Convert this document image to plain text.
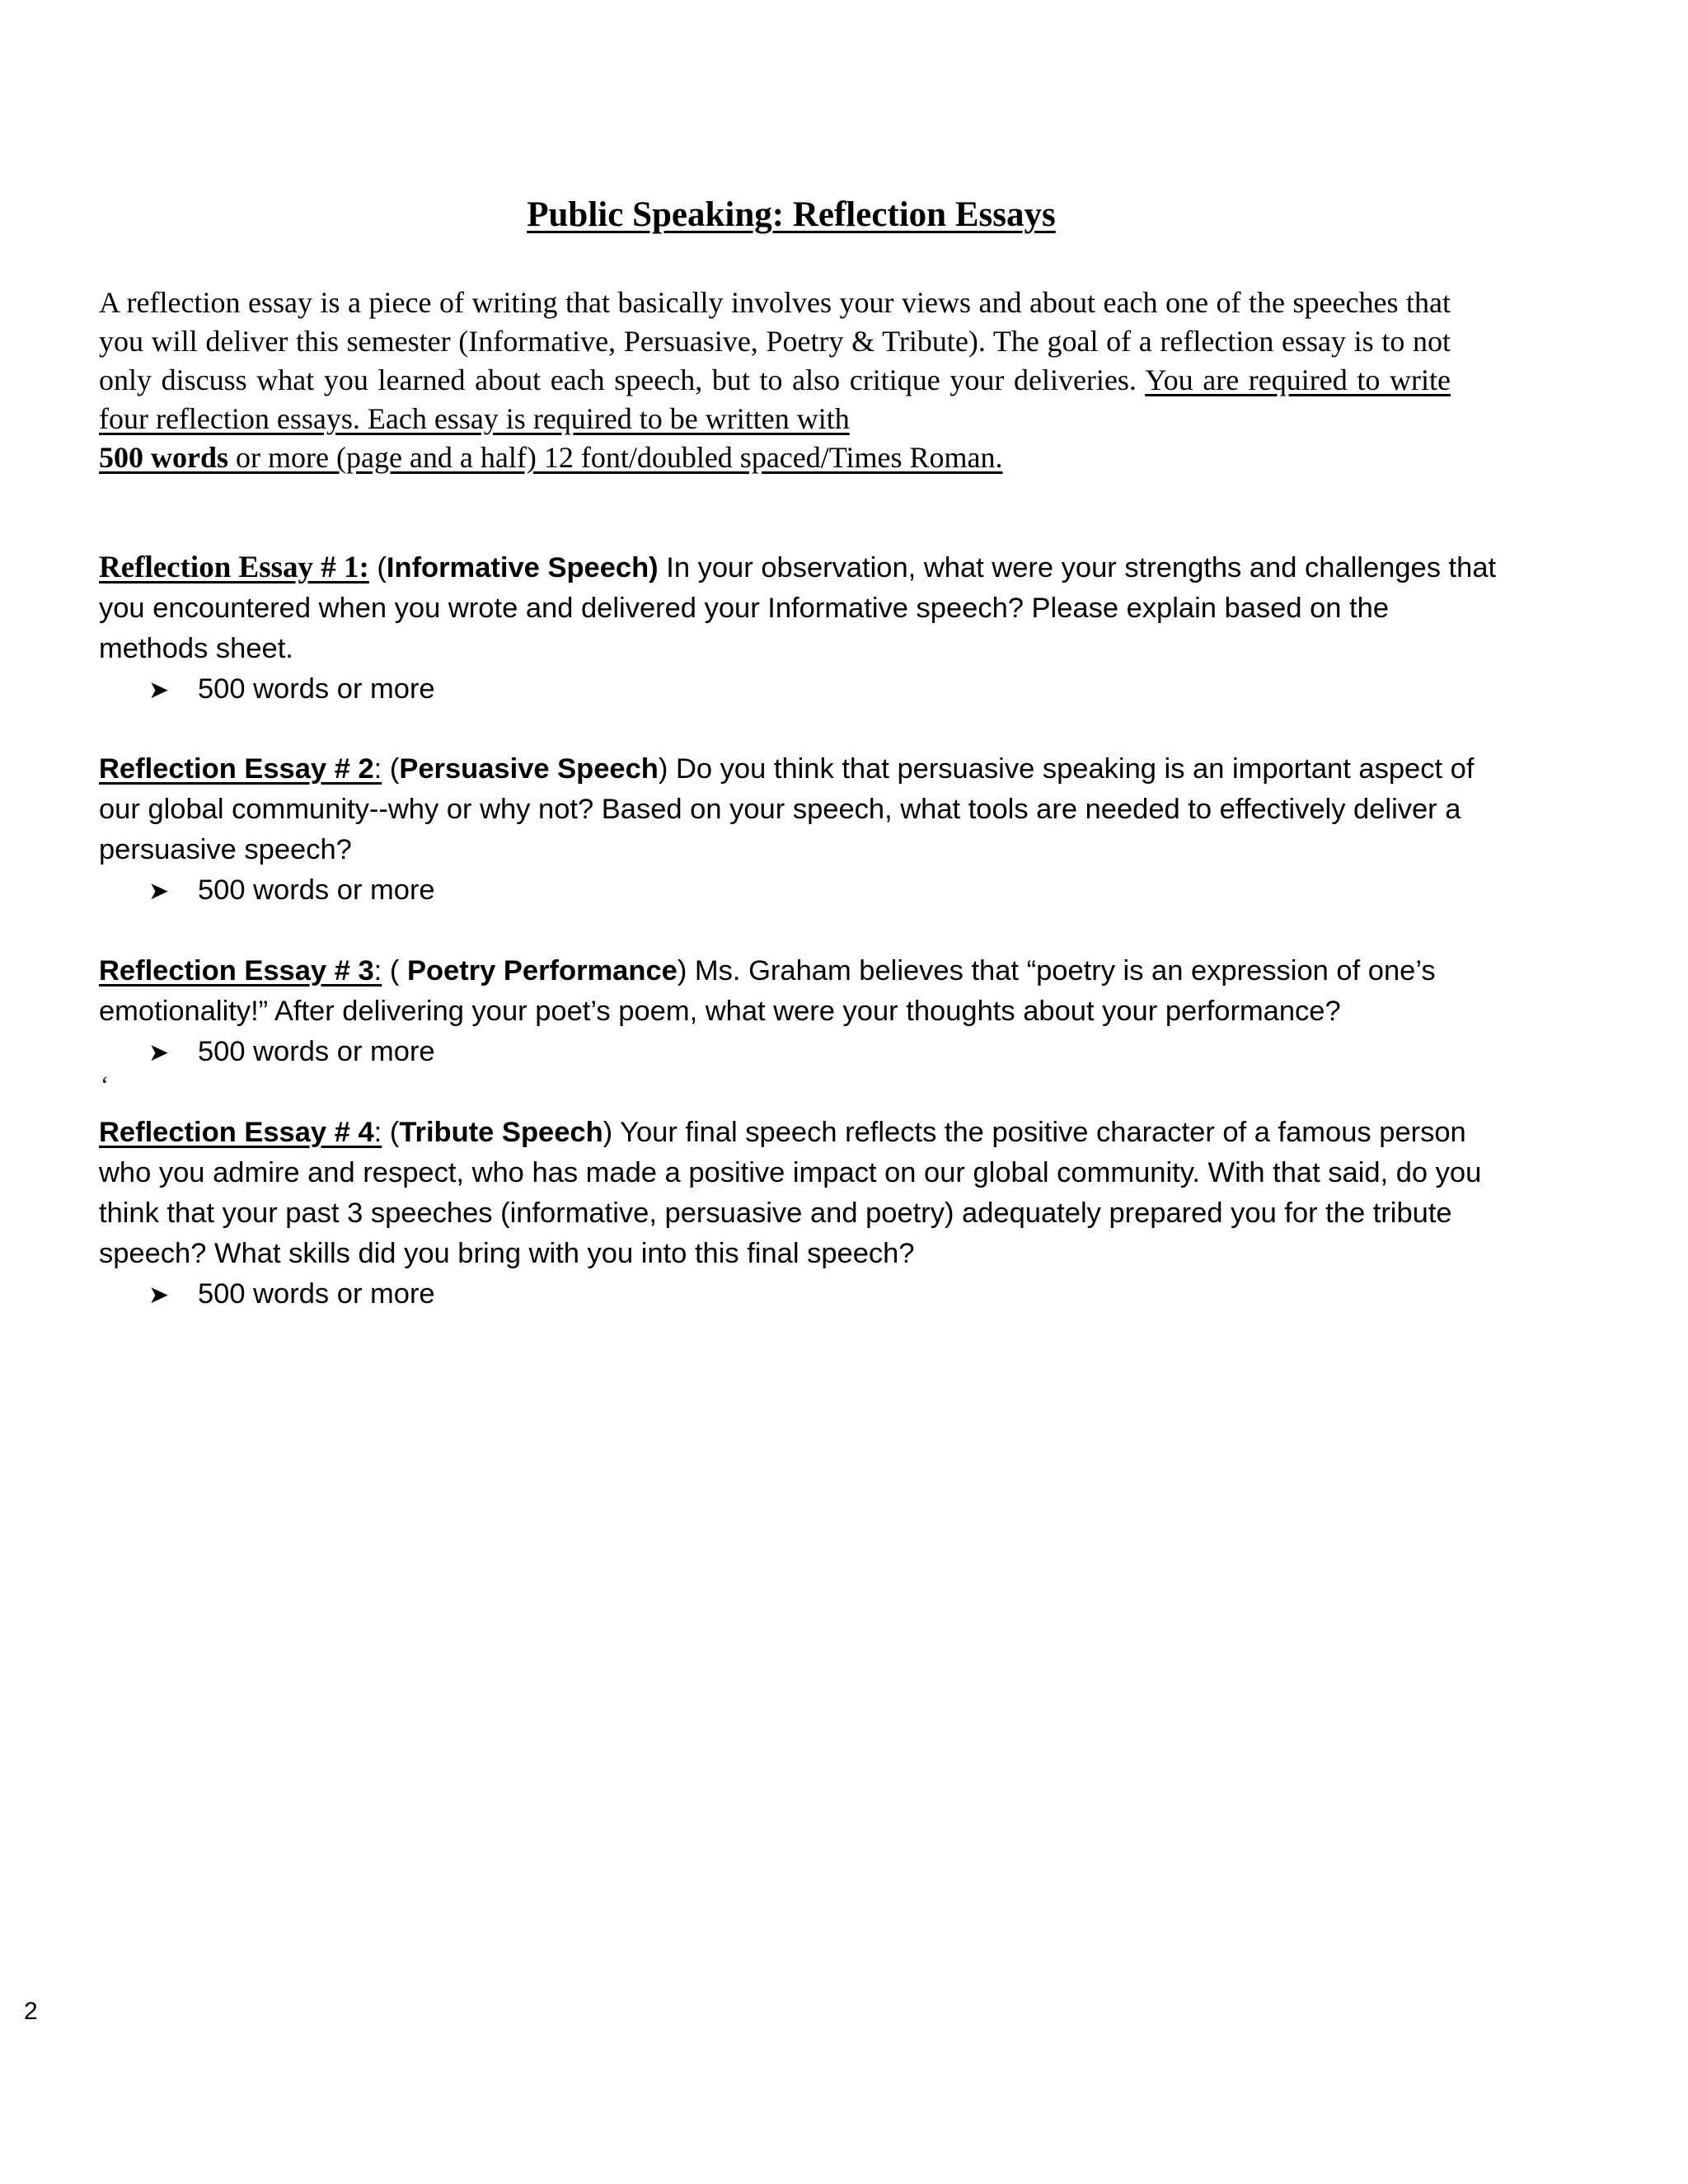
Public Speaking: Reflection Essays

A reflection essay is a piece of writing that basically involves your views and about each one of the speeches that you will deliver this semester (Informative, Persuasive, Poetry & Tribute). The goal of a reflection essay is to not only discuss what you learned about each speech, but to also critique your deliveries. You are required to write four reflection essays. Each essay is required to be written with
500 words or more (page and a half) 12 font/doubled spaced/Times Roman.

Reflection Essay # 1: (Informative Speech) In your observation, what were your strengths and challenges that you encountered when you wrote and delivered your Informative speech? Please explain based on the methods sheet.

➤	500 words or more

Reflection Essay # 2: (Persuasive Speech) Do you think that persuasive speaking is an important aspect of our global community--why or why not? Based on your speech, what tools are needed to effectively deliver a persuasive speech?

➤	500 words or more

Reflection Essay # 3: ( Poetry Performance) Ms. Graham believes that “poetry is an expression of one’s emotionality!” After delivering your poet’s poem, what were your thoughts about your performance?

➤	500 words or more
‘

Reflection Essay # 4: (Tribute Speech) Your final speech reflects the positive character of a famous person who you admire and respect, who has made a positive impact on our global community. With that said, do you think that your past 3 speeches (informative, persuasive and poetry) adequately prepared you for the tribute speech? What skills did you bring with you into this final speech?

➤	500 words or more
2
